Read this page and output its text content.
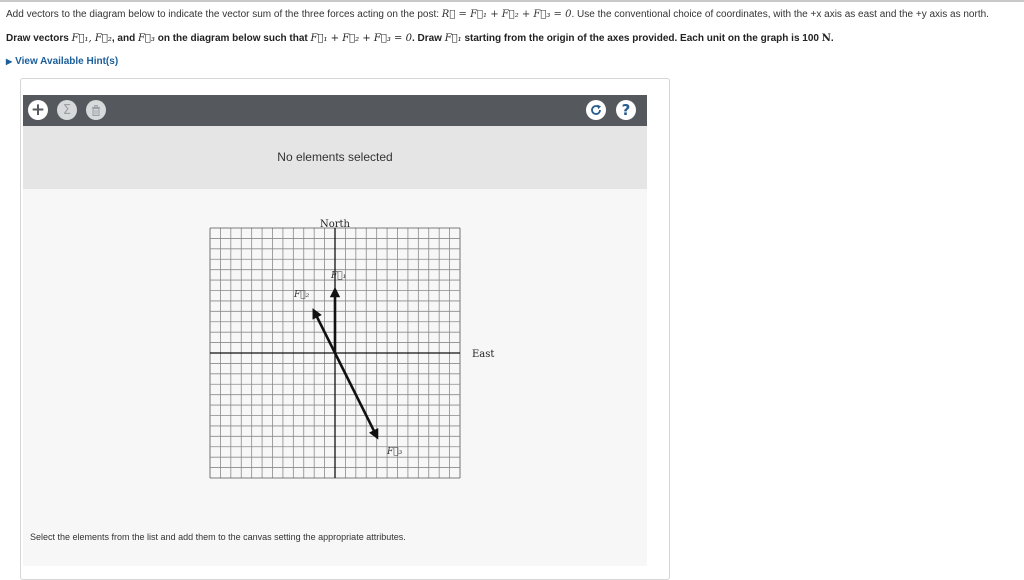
Add vectors to the diagram below to indicate the vector sum of the three forces acting on the post: R⃗ = F⃗₁ + F⃗₂ + F⃗₃ = 0. Use the conventional choice of coordinates, with the +x axis as east and the +y axis as north.
Draw vectors F⃗₁, F⃗₂, and F⃗₃ on the diagram below such that F⃗₁ + F⃗₂ + F⃗₃ = 0. Draw F⃗₁ starting from the origin of the axes provided. Each unit on the graph is 100 N.
▶ View Available Hint(s)
+	Σ	?
No elements selected
North
East
F⃗₁
F⃗₂
F⃗₃
Select the elements from the list and add them to the canvas setting the appropriate attributes.
